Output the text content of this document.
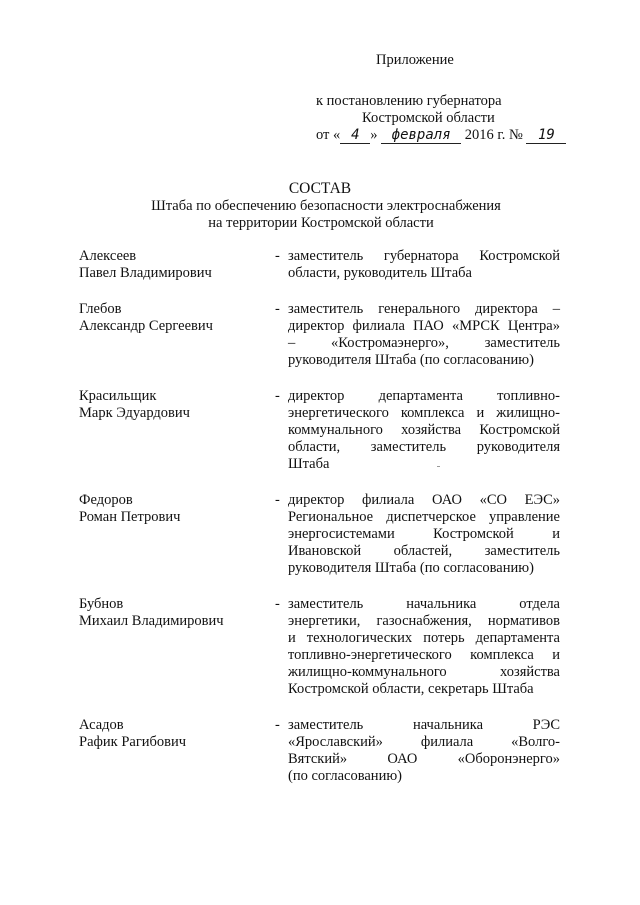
Приложение
к постановлению губернатора
Костромской области
от « 4 » февраля 2016 г. № 19
СОСТАВ
Штаба по обеспечению безопасности электроснабжения
на территории Костромской области
Алексеев
Павел Владимирович
- заместитель губернатора Костромской
области, руководитель Штаба
Глебов
Александр Сергеевич
- заместитель генерального директора –
директор филиала ПАО «МРСК Центра»
– «Костромаэнерго», заместитель
руководителя Штаба (по согласованию)
Красильщик
Марк Эдуардович
- директор департамента топливно-
энергетического комплекса и жилищно-
коммунального хозяйства Костромской
области, заместитель руководителя
Штаба
Федоров
Роман Петрович
- директор филиала ОАО «СО ЕЭС»
Региональное диспетчерское управление
энергосистемами Костромской и
Ивановской областей, заместитель
руководителя Штаба (по согласованию)
Бубнов
Михаил Владимирович
- заместитель начальника отдела
энергетики, газоснабжения, нормативов
и технологических потерь департамента
топливно-энергетического комплекса и
жилищно-коммунального хозяйства
Костромской области, секретарь Штаба
Асадов
Рафик Рагибович
- заместитель начальника РЭС
«Ярославский» филиала «Волго-
Вятский» ОАО «Оборонэнерго»
(по согласованию)
